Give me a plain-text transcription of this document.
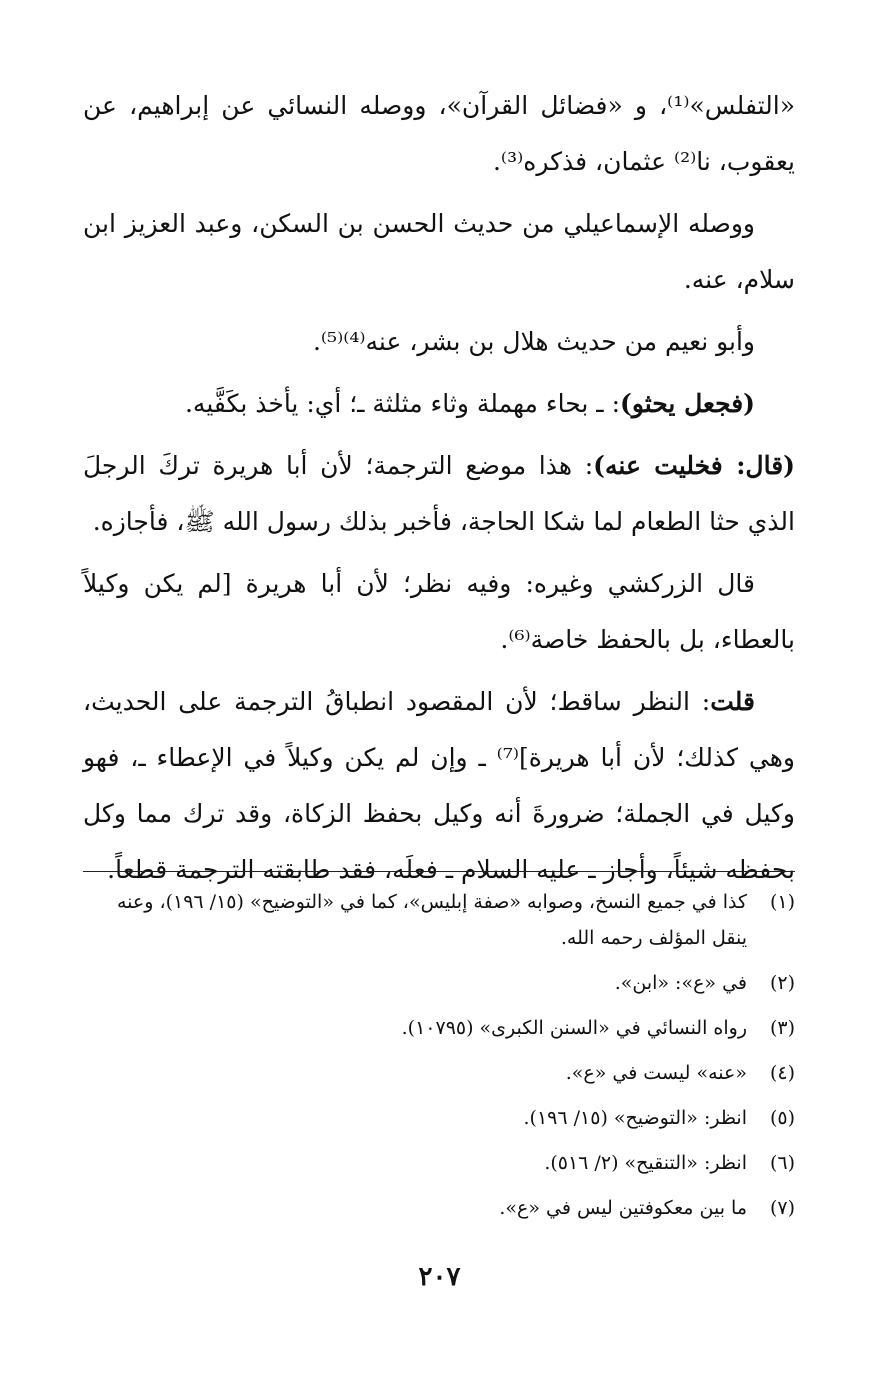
«التفلس»⁽¹⁾، و «فضائل القرآن»، ووصله النسائي عن إبراهيم، عن يعقوب، نا⁽²⁾ عثمان، فذكره⁽³⁾.

ووصله الإسماعيلي من حديث الحسن بن السكن، وعبد العزيز ابن سلام، عنه.

وأبو نعيم من حديث هلال بن بشر، عنه⁽⁴⁾⁽⁵⁾.

(فجعل يحثو): ـ بحاء مهملة وثاء مثلثة ـ؛ أي: يأخذ بكَفَّيه.

(قال: فخليت عنه): هذا موضع الترجمة؛ لأن أبا هريرة تركَ الرجلَ الذي حثا الطعام لما شكا الحاجة، فأخبر بذلك رسول الله ﷺ، فأجازه.

قال الزركشي وغيره: وفيه نظر؛ لأن أبا هريرة [لم يكن وكيلاً بالعطاء، بل بالحفظ خاصة⁽⁶⁾.

قلت: النظر ساقط؛ لأن المقصود انطباقُ الترجمة على الحديث، وهي كذلك؛ لأن أبا هريرة]⁽⁷⁾ ـ وإن لم يكن وكيلاً في الإعطاء ـ، فهو وكيل في الجملة؛ ضرورةَ أنه وكيل بحفظ الزكاة، وقد ترك مما وكل بحفظه شيئاً، وأجاز ـ عليه السلام ـ فعلَه، فقد طابقته الترجمة قطعاً.

(١)
كذا في جميع النسخ، وصوابه «صفة إبليس»، كما في «التوضيح» (١٥/ ١٩٦)، وعنه ينقل المؤلف رحمه الله.
(٢)
في «ع»: «ابن».
(٣)
رواه النسائي في «السنن الكبرى» (١٠٧٩٥).
(٤)
«عنه» ليست في «ع».
(٥)
انظر: «التوضيح» (١٥/ ١٩٦).
(٦)
انظر: «التنقيح» (٢/ ٥١٦).
(٧)
ما بين معكوفتين ليس في «ع».
٢٠٧
